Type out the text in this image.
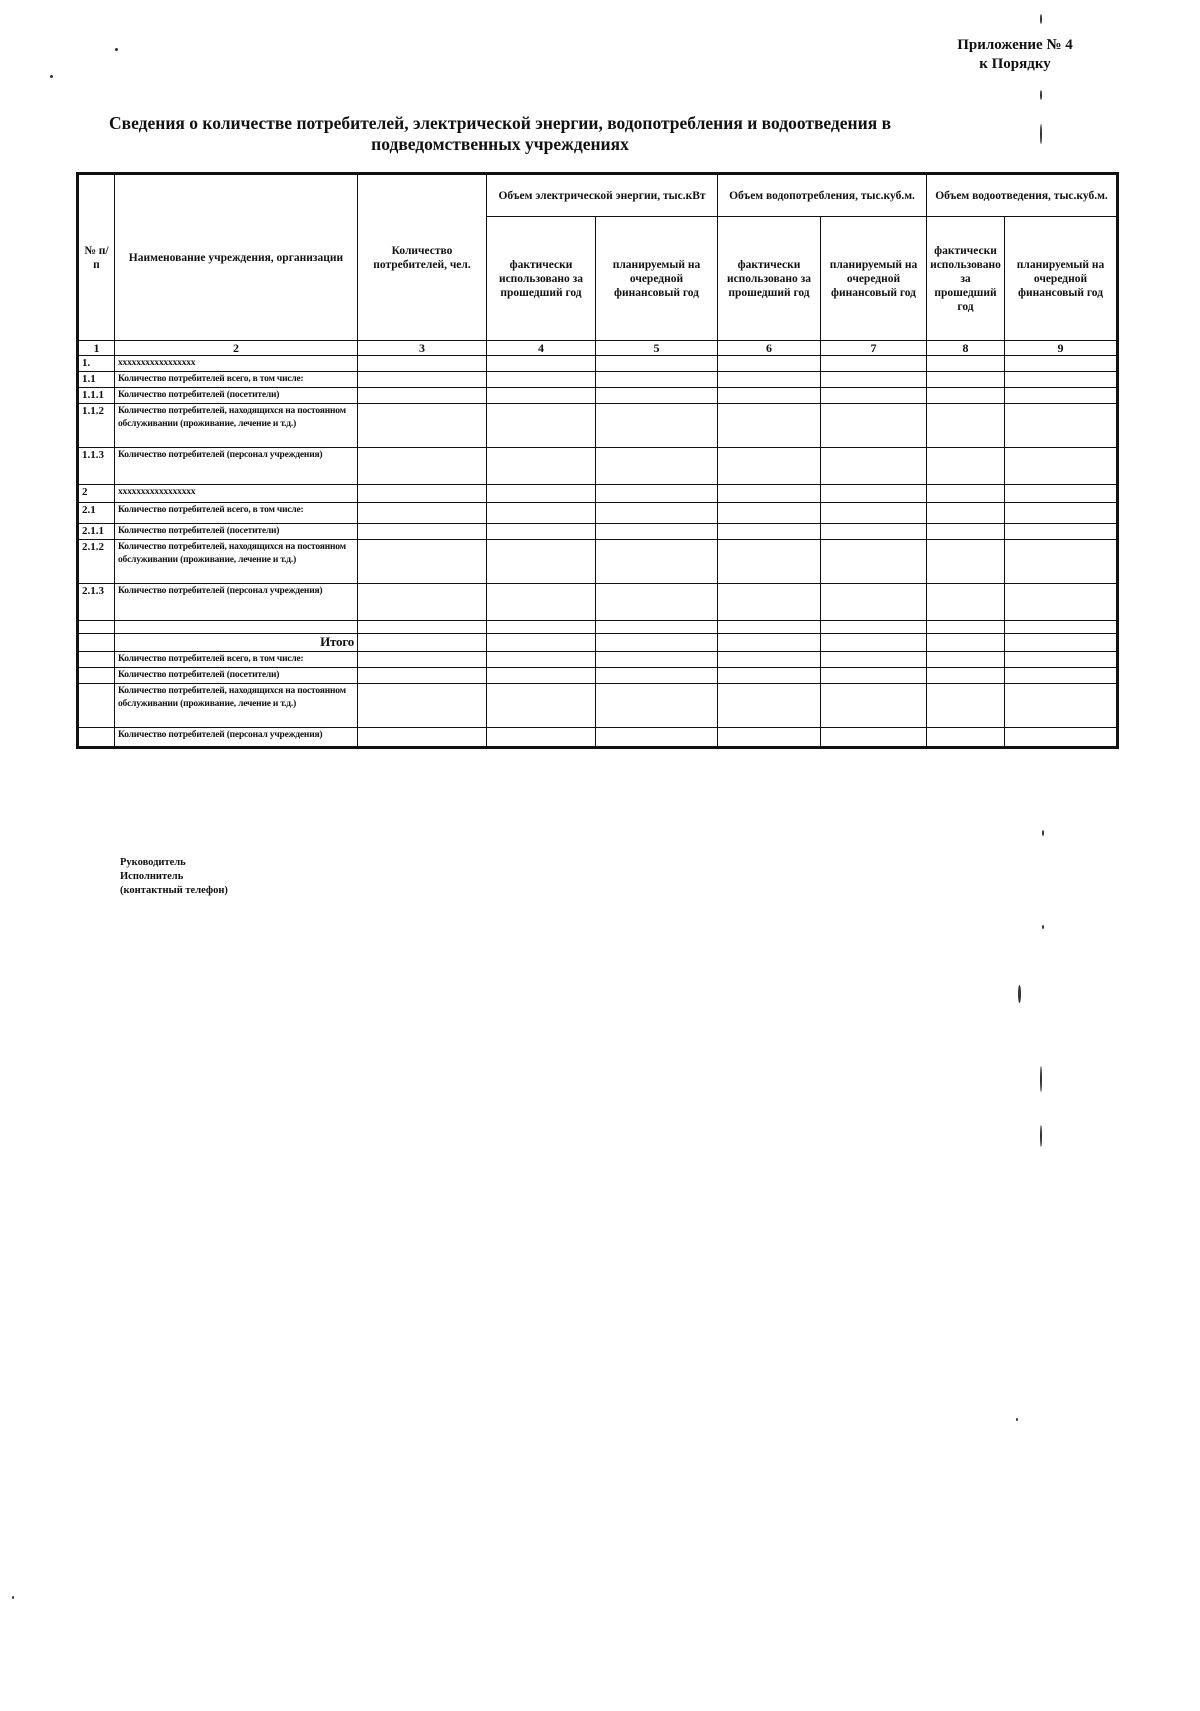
Приложение № 4
к Порядку
Сведения о количестве потребителей, электрической энергии, водопотребления и водоотведения в
подведомственных учреждениях
№ п/п	Наименование учреждения, организации	Количество потребителей, чел.	Объем электрической энергии, тыс.кВт		Объем водопотребления, тыс.куб.м.		Объем водоотведения, тыс.куб.м.	
			фактически использовано за прошедший год	планируемый на очередной финансовый год	фактически использовано за прошедший год	планируемый на очередной финансовый год	фактически использовано за прошедший год	планируемый на очередной финансовый год
1	2	3	4	5	6	7	8	9
1.	ххххххххххххххххх							
1.1	Количество потребителей всего, в том числе:							
1.1.1	Количество потребителей (посетители)							
1.1.2	Количество потребителей, находящихся на постоянном обслуживании (проживание, лечение и т.д.)							
1.1.3	Количество потребителей (персонал учреждения)							
2	ххххххххххххххххх							
2.1	Количество потребителей всего, в том числе:							
2.1.1	Количество потребителей (посетители)							
2.1.2	Количество потребителей, находящихся на постоянном обслуживании (проживание, лечение и т.д.)							
2.1.3	Количество потребителей (персонал учреждения)							

	Итого							
	Количество потребителей всего, в том числе:							
	Количество потребителей (посетители)							
	Количество потребителей, находящихся на постоянном обслуживании (проживание, лечение и т.д.)							
	Количество потребителей (персонал учреждения)							
Руководитель
Исполнитель
(контактный телефон)
